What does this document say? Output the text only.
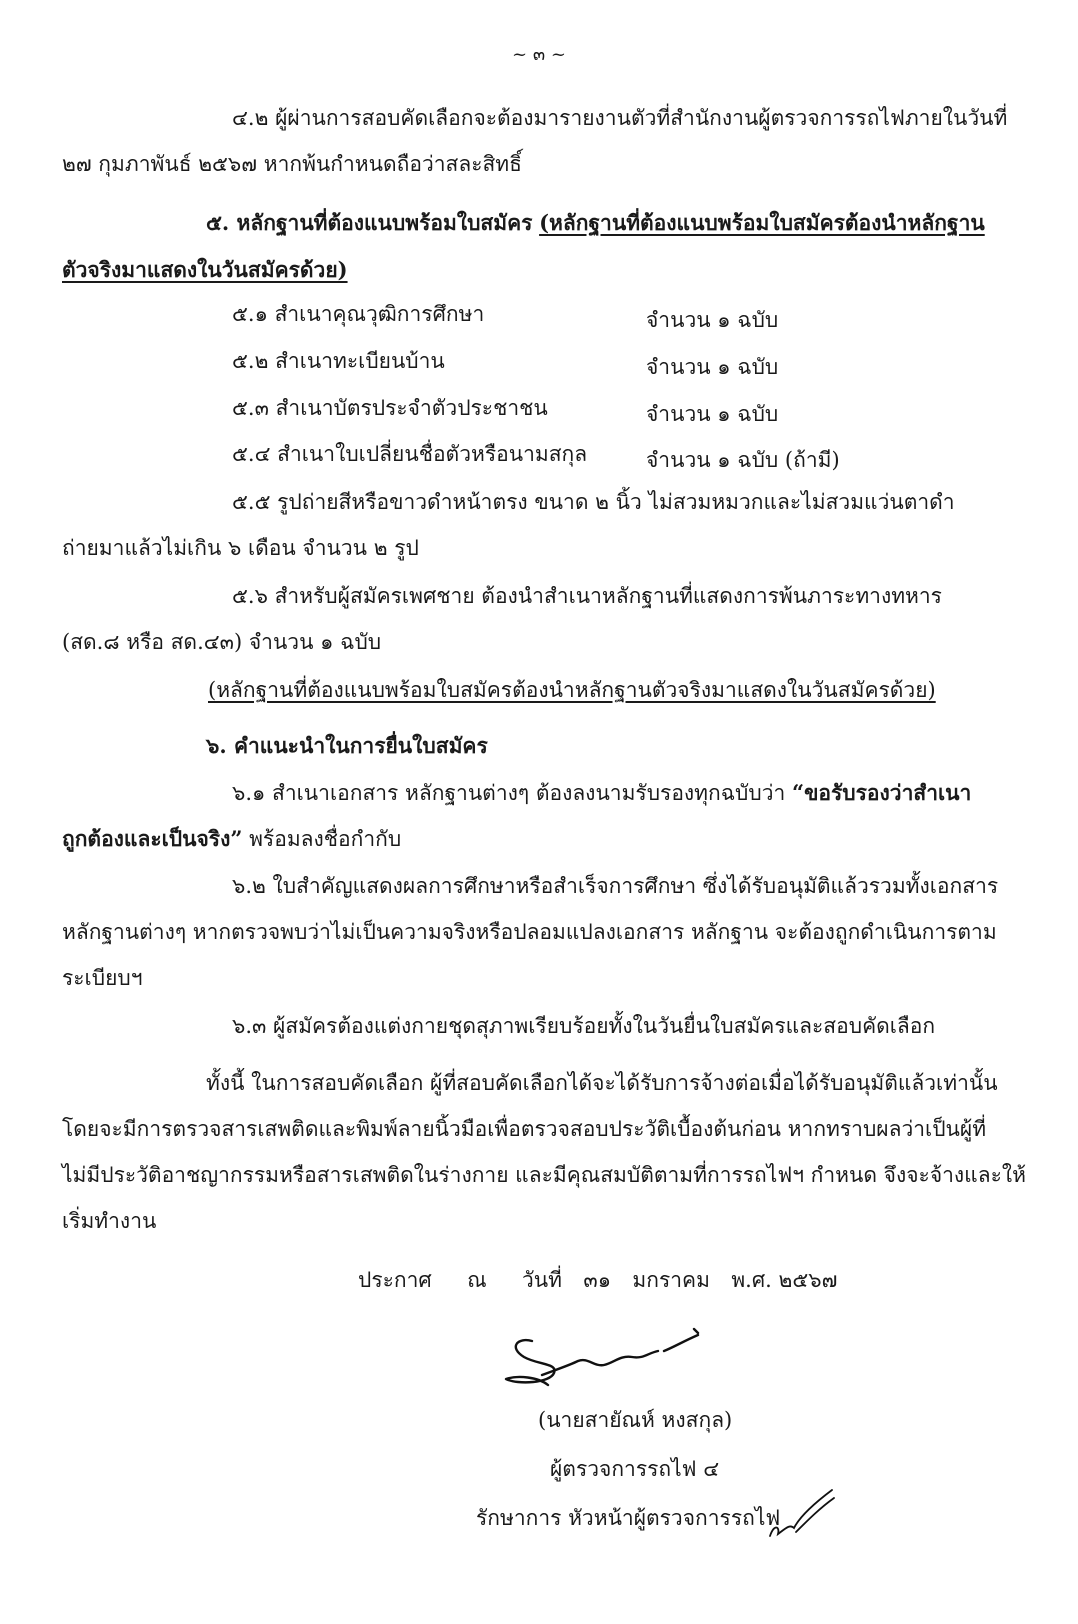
~ ๓ ~
๔.๒ ผู้ผ่านการสอบคัดเลือกจะต้องมารายงานตัวที่สำนักงานผู้ตรวจการรถไฟภายในวันที่
๒๗ กุมภาพันธ์ ๒๕๖๗ หากพ้นกำหนดถือว่าสละสิทธิ์
๕. หลักฐานที่ต้องแนบพร้อมใบสมัคร (หลักฐานที่ต้องแนบพร้อมใบสมัครต้องนำหลักฐาน
ตัวจริงมาแสดงในวันสมัครด้วย)
๕.๑ สำเนาคุณวุฒิการศึกษา	จำนวน ๑ ฉบับ
๕.๒ สำเนาทะเบียนบ้าน	จำนวน ๑ ฉบับ
๕.๓ สำเนาบัตรประจำตัวประชาชน	จำนวน ๑ ฉบับ
๕.๔ สำเนาใบเปลี่ยนชื่อตัวหรือนามสกุล	จำนวน ๑ ฉบับ (ถ้ามี)
๕.๕ รูปถ่ายสีหรือขาวดำหน้าตรง ขนาด ๒ นิ้ว ไม่สวมหมวกและไม่สวมแว่นตาดำ
ถ่ายมาแล้วไม่เกิน ๖ เดือน จำนวน ๒ รูป
๕.๖ สำหรับผู้สมัครเพศชาย ต้องนำสำเนาหลักฐานที่แสดงการพ้นภาระทางทหาร
(สด.๘ หรือ สด.๔๓) จำนวน ๑ ฉบับ
(หลักฐานที่ต้องแนบพร้อมใบสมัครต้องนำหลักฐานตัวจริงมาแสดงในวันสมัครด้วย)
๖. คำแนะนำในการยื่นใบสมัคร
๖.๑ สำเนาเอกสาร หลักฐานต่างๆ ต้องลงนามรับรองทุกฉบับว่า “ขอรับรองว่าสำเนา
ถูกต้องและเป็นจริง” พร้อมลงชื่อกำกับ
๖.๒ ใบสำคัญแสดงผลการศึกษาหรือสำเร็จการศึกษา ซึ่งได้รับอนุมัติแล้วรวมทั้งเอกสาร
หลักฐานต่างๆ หากตรวจพบว่าไม่เป็นความจริงหรือปลอมแปลงเอกสาร หลักฐาน จะต้องถูกดำเนินการตาม
ระเบียบฯ
๖.๓ ผู้สมัครต้องแต่งกายชุดสุภาพเรียบร้อยทั้งในวันยื่นใบสมัครและสอบคัดเลือก
ทั้งนี้ ในการสอบคัดเลือก ผู้ที่สอบคัดเลือกได้จะได้รับการจ้างต่อเมื่อได้รับอนุมัติแล้วเท่านั้น
โดยจะมีการตรวจสารเสพติดและพิมพ์ลายนิ้วมือเพื่อตรวจสอบประวัติเบื้องต้นก่อน หากทราบผลว่าเป็นผู้ที่
ไม่มีประวัติอาชญากรรมหรือสารเสพติดในร่างกาย และมีคุณสมบัติตามที่การรถไฟฯ กำหนด จึงจะจ้างและให้
เริ่มทำงาน
ประกาศ ณ วันที่ ๓๑ มกราคม พ.ศ. ๒๕๖๗
(นายสายัณห์ หงสกุล)
ผู้ตรวจการรถไฟ ๔
รักษาการ หัวหน้าผู้ตรวจการรถไฟ
